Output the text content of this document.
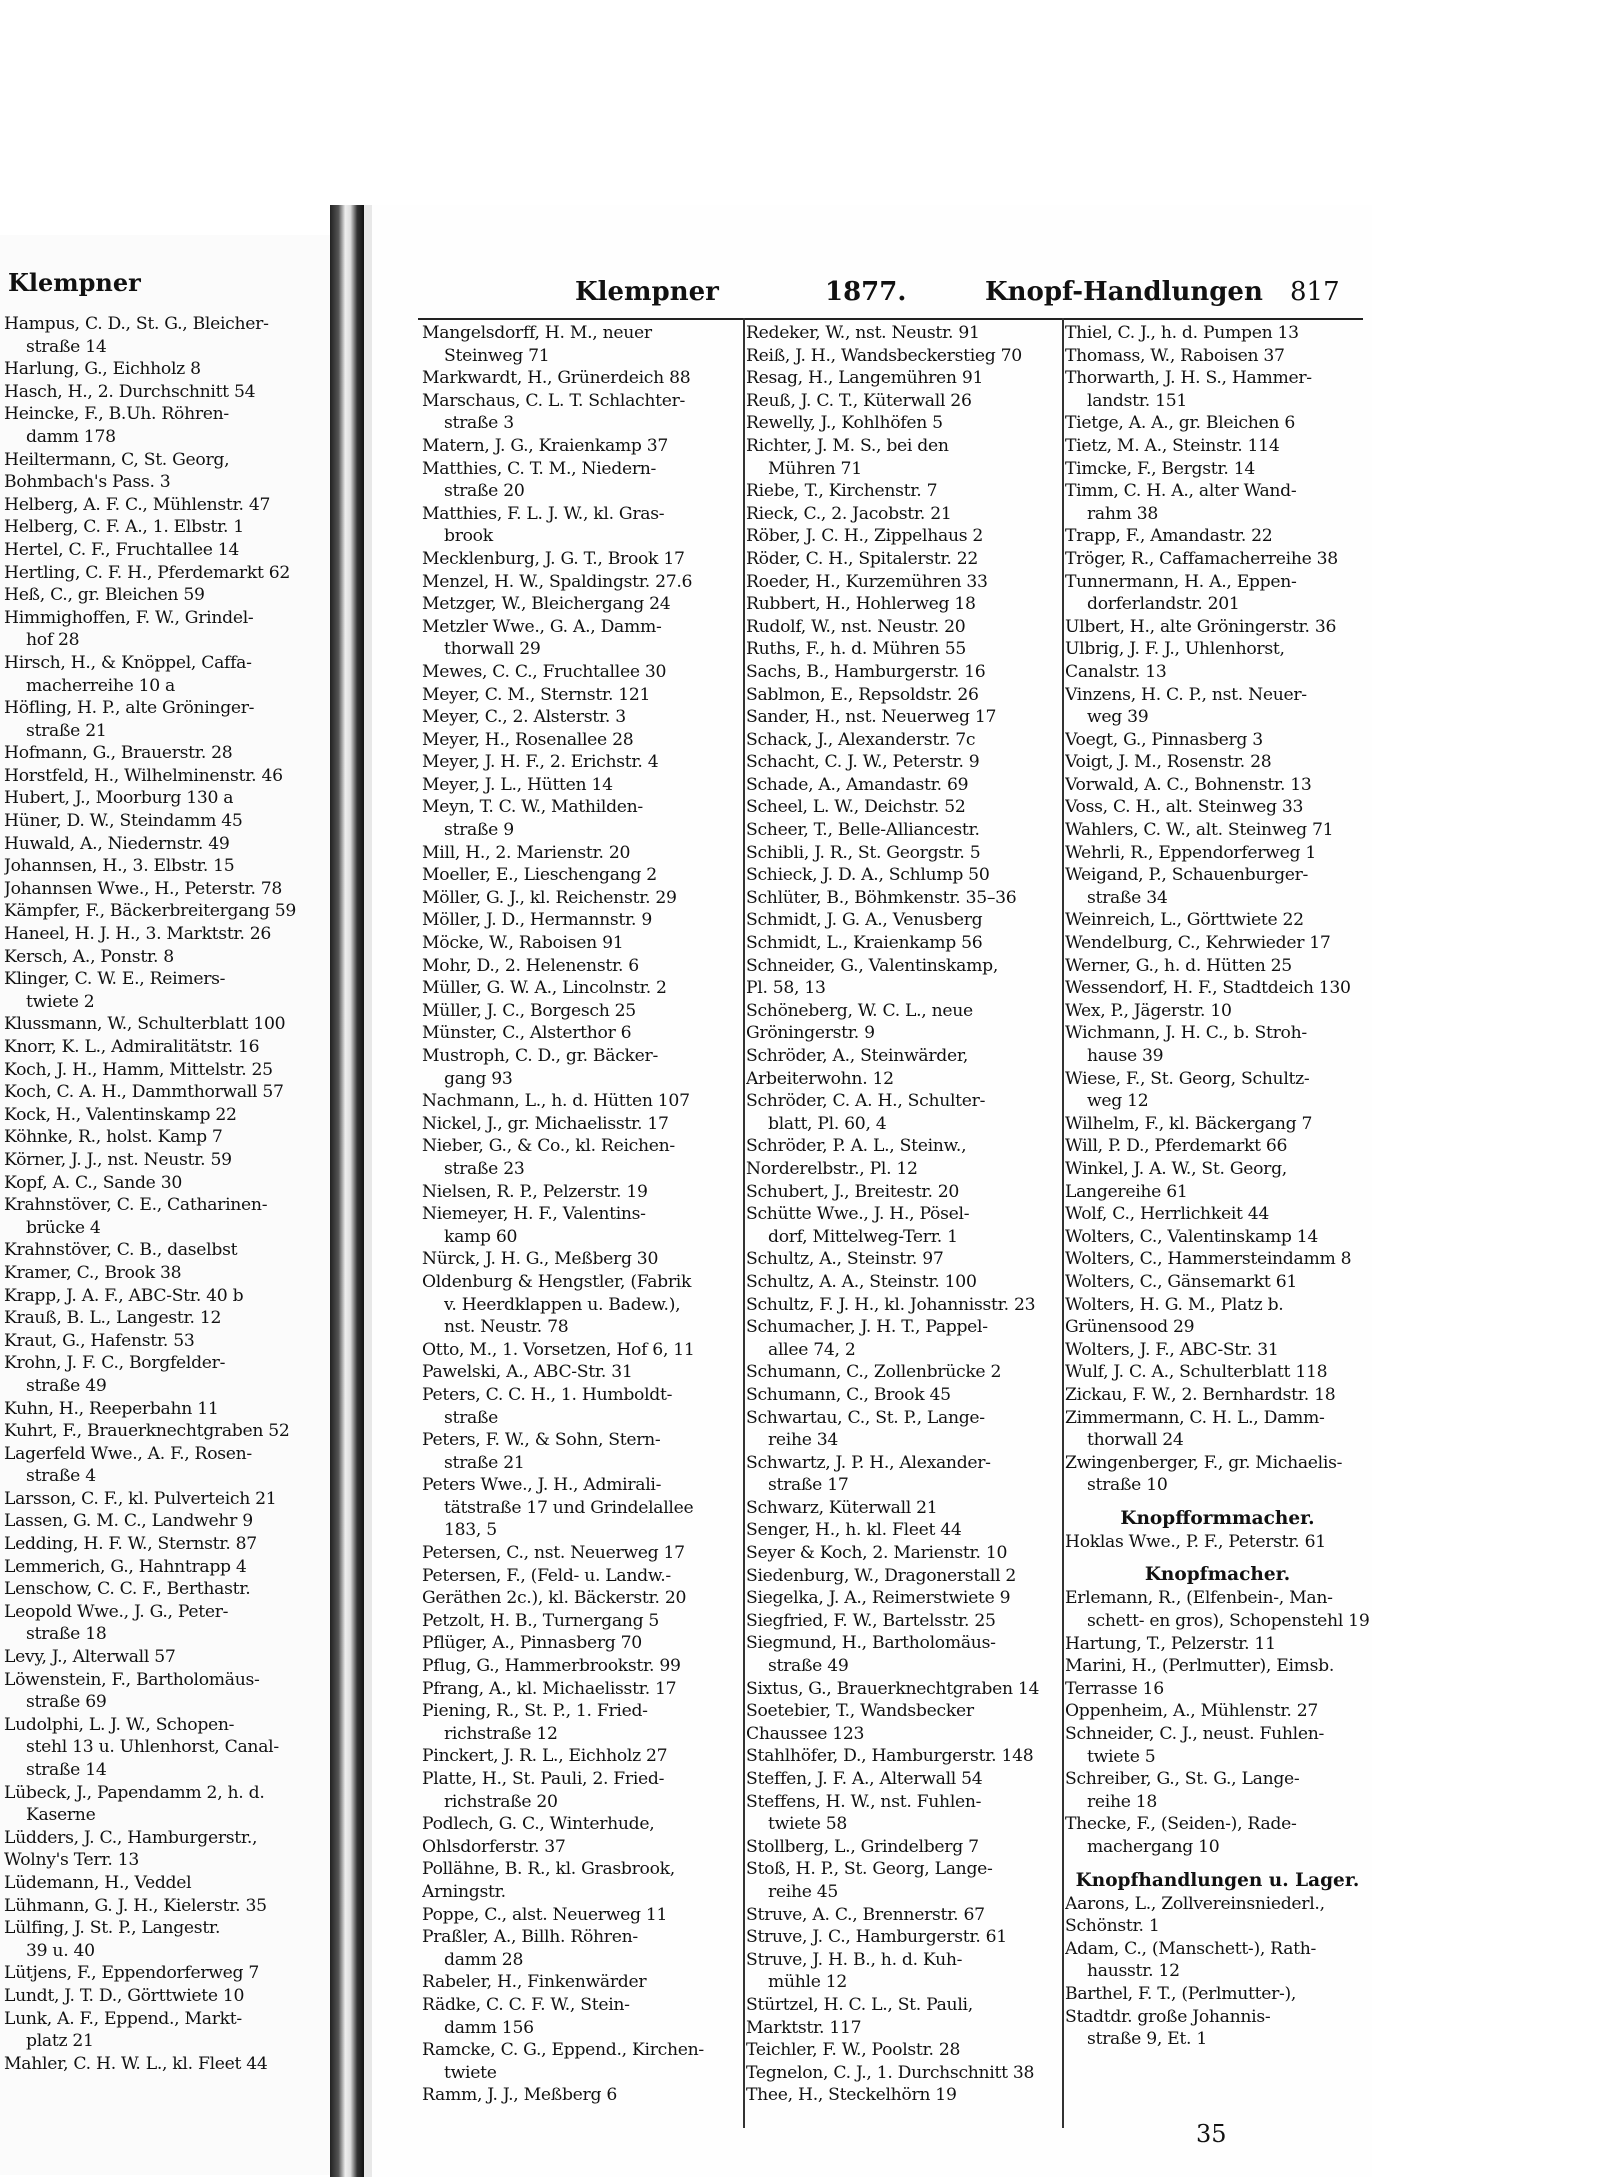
Klempner
Hampus, C. D., St. G., Bleicher-
straße 14
Harlung, G., Eichholz 8
Hasch, H., 2. Durchschnitt 54
Heincke, F., B.Uh. Röhren-
damm 178
Heiltermann, C, St. Georg,
Bohmbach's Pass. 3
Helberg, A. F. C., Mühlenstr. 47
Helberg, C. F. A., 1. Elbstr. 1
Hertel, C. F., Fruchtallee 14
Hertling, C. F. H., Pferdemarkt 62
Heß, C., gr. Bleichen 59
Himmighoffen, F. W., Grindel-
hof 28
Hirsch, H., & Knöppel, Caffa-
macherreihe 10 a
Höfling, H. P., alte Gröninger-
straße 21
Hofmann, G., Brauerstr. 28
Horstfeld, H., Wilhelminenstr. 46
Hubert, J., Moorburg 130 a
Hüner, D. W., Steindamm 45
Huwald, A., Niedernstr. 49
Johannsen, H., 3. Elbstr. 15
Johannsen Wwe., H., Peterstr. 78
Kämpfer, F., Bäckerbreitergang 59
Haneel, H. J. H., 3. Marktstr. 26
Kersch, A., Ponstr. 8
Klinger, C. W. E., Reimers-
twiete 2
Klussmann, W., Schulterblatt 100
Knorr, K. L., Admiralitätstr. 16
Koch, J. H., Hamm, Mittelstr. 25
Koch, C. A. H., Dammthorwall 57
Kock, H., Valentinskamp 22
Köhnke, R., holst. Kamp 7
Körner, J. J., nst. Neustr. 59
Kopf, A. C., Sande 30
Krahnstöver, C. E., Catharinen-
brücke 4
Krahnstöver, C. B., daselbst
Kramer, C., Brook 38
Krapp, J. A. F., ABC-Str. 40 b
Krauß, B. L., Langestr. 12
Kraut, G., Hafenstr. 53
Krohn, J. F. C., Borgfelder-
straße 49
Kuhn, H., Reeperbahn 11
Kuhrt, F., Brauerknechtgraben 52
Lagerfeld Wwe., A. F., Rosen-
straße 4
Larsson, C. F., kl. Pulverteich 21
Lassen, G. M. C., Landwehr 9
Ledding, H. F. W., Sternstr. 87
Lemmerich, G., Hahntrapp 4
Lenschow, C. C. F., Berthastr.
Leopold Wwe., J. G., Peter-
straße 18
Levy, J., Alterwall 57
Löwenstein, F., Bartholomäus-
straße 69
Ludolphi, L. J. W., Schopen-
stehl 13 u. Uhlenhorst, Canal-
straße 14
Lübeck, J., Papendamm 2, h. d.
Kaserne
Lüdders, J. C., Hamburgerstr.,
Wolny's Terr. 13
Lüdemann, H., Veddel
Lühmann, G. J. H., Kielerstr. 35
Lülfing, J. St. P., Langestr.
39 u. 40
Lütjens, F., Eppendorferweg 7
Lundt, J. T. D., Görttwiete 10
Lunk, A. F., Eppend., Markt-
platz 21
Mahler, C. H. W. L., kl. Fleet 44
Klempner	1877.	Knopf-Handlungen 817
Mangelsdorff, H. M., neuer
Steinweg 71
Markwardt, H., Grünerdeich 88
Marschaus, C. L. T. Schlachter-
straße 3
Matern, J. G., Kraienkamp 37
Matthies, C. T. M., Niedern-
straße 20
Matthies, F. L. J. W., kl. Gras-
brook
Mecklenburg, J. G. T., Brook 17
Menzel, H. W., Spaldingstr. 27.6
Metzger, W., Bleichergang 24
Metzler Wwe., G. A., Damm-
thorwall 29
Mewes, C. C., Fruchtallee 30
Meyer, C. M., Sternstr. 121
Meyer, C., 2. Alsterstr. 3
Meyer, H., Rosenallee 28
Meyer, J. H. F., 2. Erichstr. 4
Meyer, J. L., Hütten 14
Meyn, T. C. W., Mathilden-
straße 9
Mill, H., 2. Marienstr. 20
Moeller, E., Lieschengang 2
Möller, G. J., kl. Reichenstr. 29
Möller, J. D., Hermannstr. 9
Möcke, W., Raboisen 91
Mohr, D., 2. Helenenstr. 6
Müller, G. W. A., Lincolnstr. 2
Müller, J. C., Borgesch 25
Münster, C., Alsterthor 6
Mustroph, C. D., gr. Bäcker-
gang 93
Nachmann, L., h. d. Hütten 107
Nickel, J., gr. Michaelisstr. 17
Nieber, G., & Co., kl. Reichen-
straße 23
Nielsen, R. P., Pelzerstr. 19
Niemeyer, H. F., Valentins-
kamp 60
Nürck, J. H. G., Meßberg 30
Oldenburg & Hengstler, (Fabrik
v. Heerdklappen u. Badew.),
nst. Neustr. 78
Otto, M., 1. Vorsetzen, Hof 6, 11
Pawelski, A., ABC-Str. 31
Peters, C. C. H., 1. Humboldt-
straße
Peters, F. W., & Sohn, Stern-
straße 21
Peters Wwe., J. H., Admirali-
tätstraße 17 und Grindelallee
183, 5
Petersen, C., nst. Neuerweg 17
Petersen, F., (Feld- u. Landw.-
Geräthen 2c.), kl. Bäckerstr. 20
Petzolt, H. B., Turnergang 5
Pflüger, A., Pinnasberg 70
Pflug, G., Hammerbrookstr. 99
Pfrang, A., kl. Michaelisstr. 17
Piening, R., St. P., 1. Fried-
richstraße 12
Pinckert, J. R. L., Eichholz 27
Platte, H., St. Pauli, 2. Fried-
richstraße 20
Podlech, G. C., Winterhude,
Ohlsdorferstr. 37
Pollähne, B. R., kl. Grasbrook,
Arningstr.
Poppe, C., alst. Neuerweg 11
Praßler, A., Billh. Röhren-
damm 28
Rabeler, H., Finkenwärder
Rädke, C. C. F. W., Stein-
damm 156
Ramcke, C. G., Eppend., Kirchen-
twiete
Ramm, J. J., Meßberg 6
Redeker, W., nst. Neustr. 91
Reiß, J. H., Wandsbeckerstieg 70
Resag, H., Langemühren 91
Reuß, J. C. T., Küterwall 26
Rewelly, J., Kohlhöfen 5
Richter, J. M. S., bei den
Mühren 71
Riebe, T., Kirchenstr. 7
Rieck, C., 2. Jacobstr. 21
Röber, J. C. H., Zippelhaus 2
Röder, C. H., Spitalerstr. 22
Roeder, H., Kurzemühren 33
Rubbert, H., Hohlerweg 18
Rudolf, W., nst. Neustr. 20
Ruths, F., h. d. Mühren 55
Sachs, B., Hamburgerstr. 16
Sablmon, E., Repsoldstr. 26
Sander, H., nst. Neuerweg 17
Schack, J., Alexanderstr. 7c
Schacht, C. J. W., Peterstr. 9
Schade, A., Amandastr. 69
Scheel, L. W., Deichstr. 52
Scheer, T., Belle-Alliancestr.
Schibli, J. R., St. Georgstr. 5
Schieck, J. D. A., Schlump 50
Schlüter, B., Böhmkenstr. 35–36
Schmidt, J. G. A., Venusberg
Schmidt, L., Kraienkamp 56
Schneider, G., Valentinskamp,
Pl. 58, 13
Schöneberg, W. C. L., neue
Gröningerstr. 9
Schröder, A., Steinwärder,
Arbeiterwohn. 12
Schröder, C. A. H., Schulter-
blatt, Pl. 60, 4
Schröder, P. A. L., Steinw.,
Norderelbstr., Pl. 12
Schubert, J., Breitestr. 20
Schütte Wwe., J. H., Pösel-
dorf, Mittelweg-Terr. 1
Schultz, A., Steinstr. 97
Schultz, A. A., Steinstr. 100
Schultz, F. J. H., kl. Johannisstr. 23
Schumacher, J. H. T., Pappel-
allee 74, 2
Schumann, C., Zollenbrücke 2
Schumann, C., Brook 45
Schwartau, C., St. P., Lange-
reihe 34
Schwartz, J. P. H., Alexander-
straße 17
Schwarz, Küterwall 21
Senger, H., h. kl. Fleet 44
Seyer & Koch, 2. Marienstr. 10
Siedenburg, W., Dragonerstall 2
Siegelka, J. A., Reimerstwiete 9
Siegfried, F. W., Bartelsstr. 25
Siegmund, H., Bartholomäus-
straße 49
Sixtus, G., Brauerknechtgraben 14
Soetebier, T., Wandsbecker
Chaussee 123
Stahlhöfer, D., Hamburgerstr. 148
Steffen, J. F. A., Alterwall 54
Steffens, H. W., nst. Fuhlen-
twiete 58
Stollberg, L., Grindelberg 7
Stoß, H. P., St. Georg, Lange-
reihe 45
Struve, A. C., Brennerstr. 67
Struve, J. C., Hamburgerstr. 61
Struve, J. H. B., h. d. Kuh-
mühle 12
Stürtzel, H. C. L., St. Pauli,
Marktstr. 117
Teichler, F. W., Poolstr. 28
Tegnelon, C. J., 1. Durchschnitt 38
Thee, H., Steckelhörn 19
Thiel, C. J., h. d. Pumpen 13
Thomass, W., Raboisen 37
Thorwarth, J. H. S., Hammer-
landstr. 151
Tietge, A. A., gr. Bleichen 6
Tietz, M. A., Steinstr. 114
Timcke, F., Bergstr. 14
Timm, C. H. A., alter Wand-
rahm 38
Trapp, F., Amandastr. 22
Tröger, R., Caffamacherreihe 38
Tunnermann, H. A., Eppen-
dorferlandstr. 201
Ulbert, H., alte Gröningerstr. 36
Ulbrig, J. F. J., Uhlenhorst,
Canalstr. 13
Vinzens, H. C. P., nst. Neuer-
weg 39
Voegt, G., Pinnasberg 3
Voigt, J. M., Rosenstr. 28
Vorwald, A. C., Bohnenstr. 13
Voss, C. H., alt. Steinweg 33
Wahlers, C. W., alt. Steinweg 71
Wehrli, R., Eppendorferweg 1
Weigand, P., Schauenburger-
straße 34
Weinreich, L., Görttwiete 22
Wendelburg, C., Kehrwieder 17
Werner, G., h. d. Hütten 25
Wessendorf, H. F., Stadtdeich 130
Wex, P., Jägerstr. 10
Wichmann, J. H. C., b. Stroh-
hause 39
Wiese, F., St. Georg, Schultz-
weg 12
Wilhelm, F., kl. Bäckergang 7
Will, P. D., Pferdemarkt 66
Winkel, J. A. W., St. Georg,
Langereihe 61
Wolf, C., Herrlichkeit 44
Wolters, C., Valentinskamp 14
Wolters, C., Hammersteindamm 8
Wolters, C., Gänsemarkt 61
Wolters, H. G. M., Platz b.
Grünensood 29
Wolters, J. F., ABC-Str. 31
Wulf, J. C. A., Schulterblatt 118
Zickau, F. W., 2. Bernhardstr. 18
Zimmermann, C. H. L., Damm-
thorwall 24
Zwingenberger, F., gr. Michaelis-
straße 10
Knopfformmacher.
Hoklas Wwe., P. F., Peterstr. 61
Knopfmacher.
Erlemann, R., (Elfenbein-, Man-
schett- en gros), Schopenstehl 19
Hartung, T., Pelzerstr. 11
Marini, H., (Perlmutter), Eimsb.
Terrasse 16
Oppenheim, A., Mühlenstr. 27
Schneider, C. J., neust. Fuhlen-
twiete 5
Schreiber, G., St. G., Lange-
reihe 18
Thecke, F., (Seiden-), Rade-
machergang 10
Knopfhandlungen u. Lager.
Aarons, L., Zollvereinsniederl.,
Schönstr. 1
Adam, C., (Manschett-), Rath-
hausstr. 12
Barthel, F. T., (Perlmutter-),
Stadtdr. große Johannis-
straße 9, Et. 1
35
